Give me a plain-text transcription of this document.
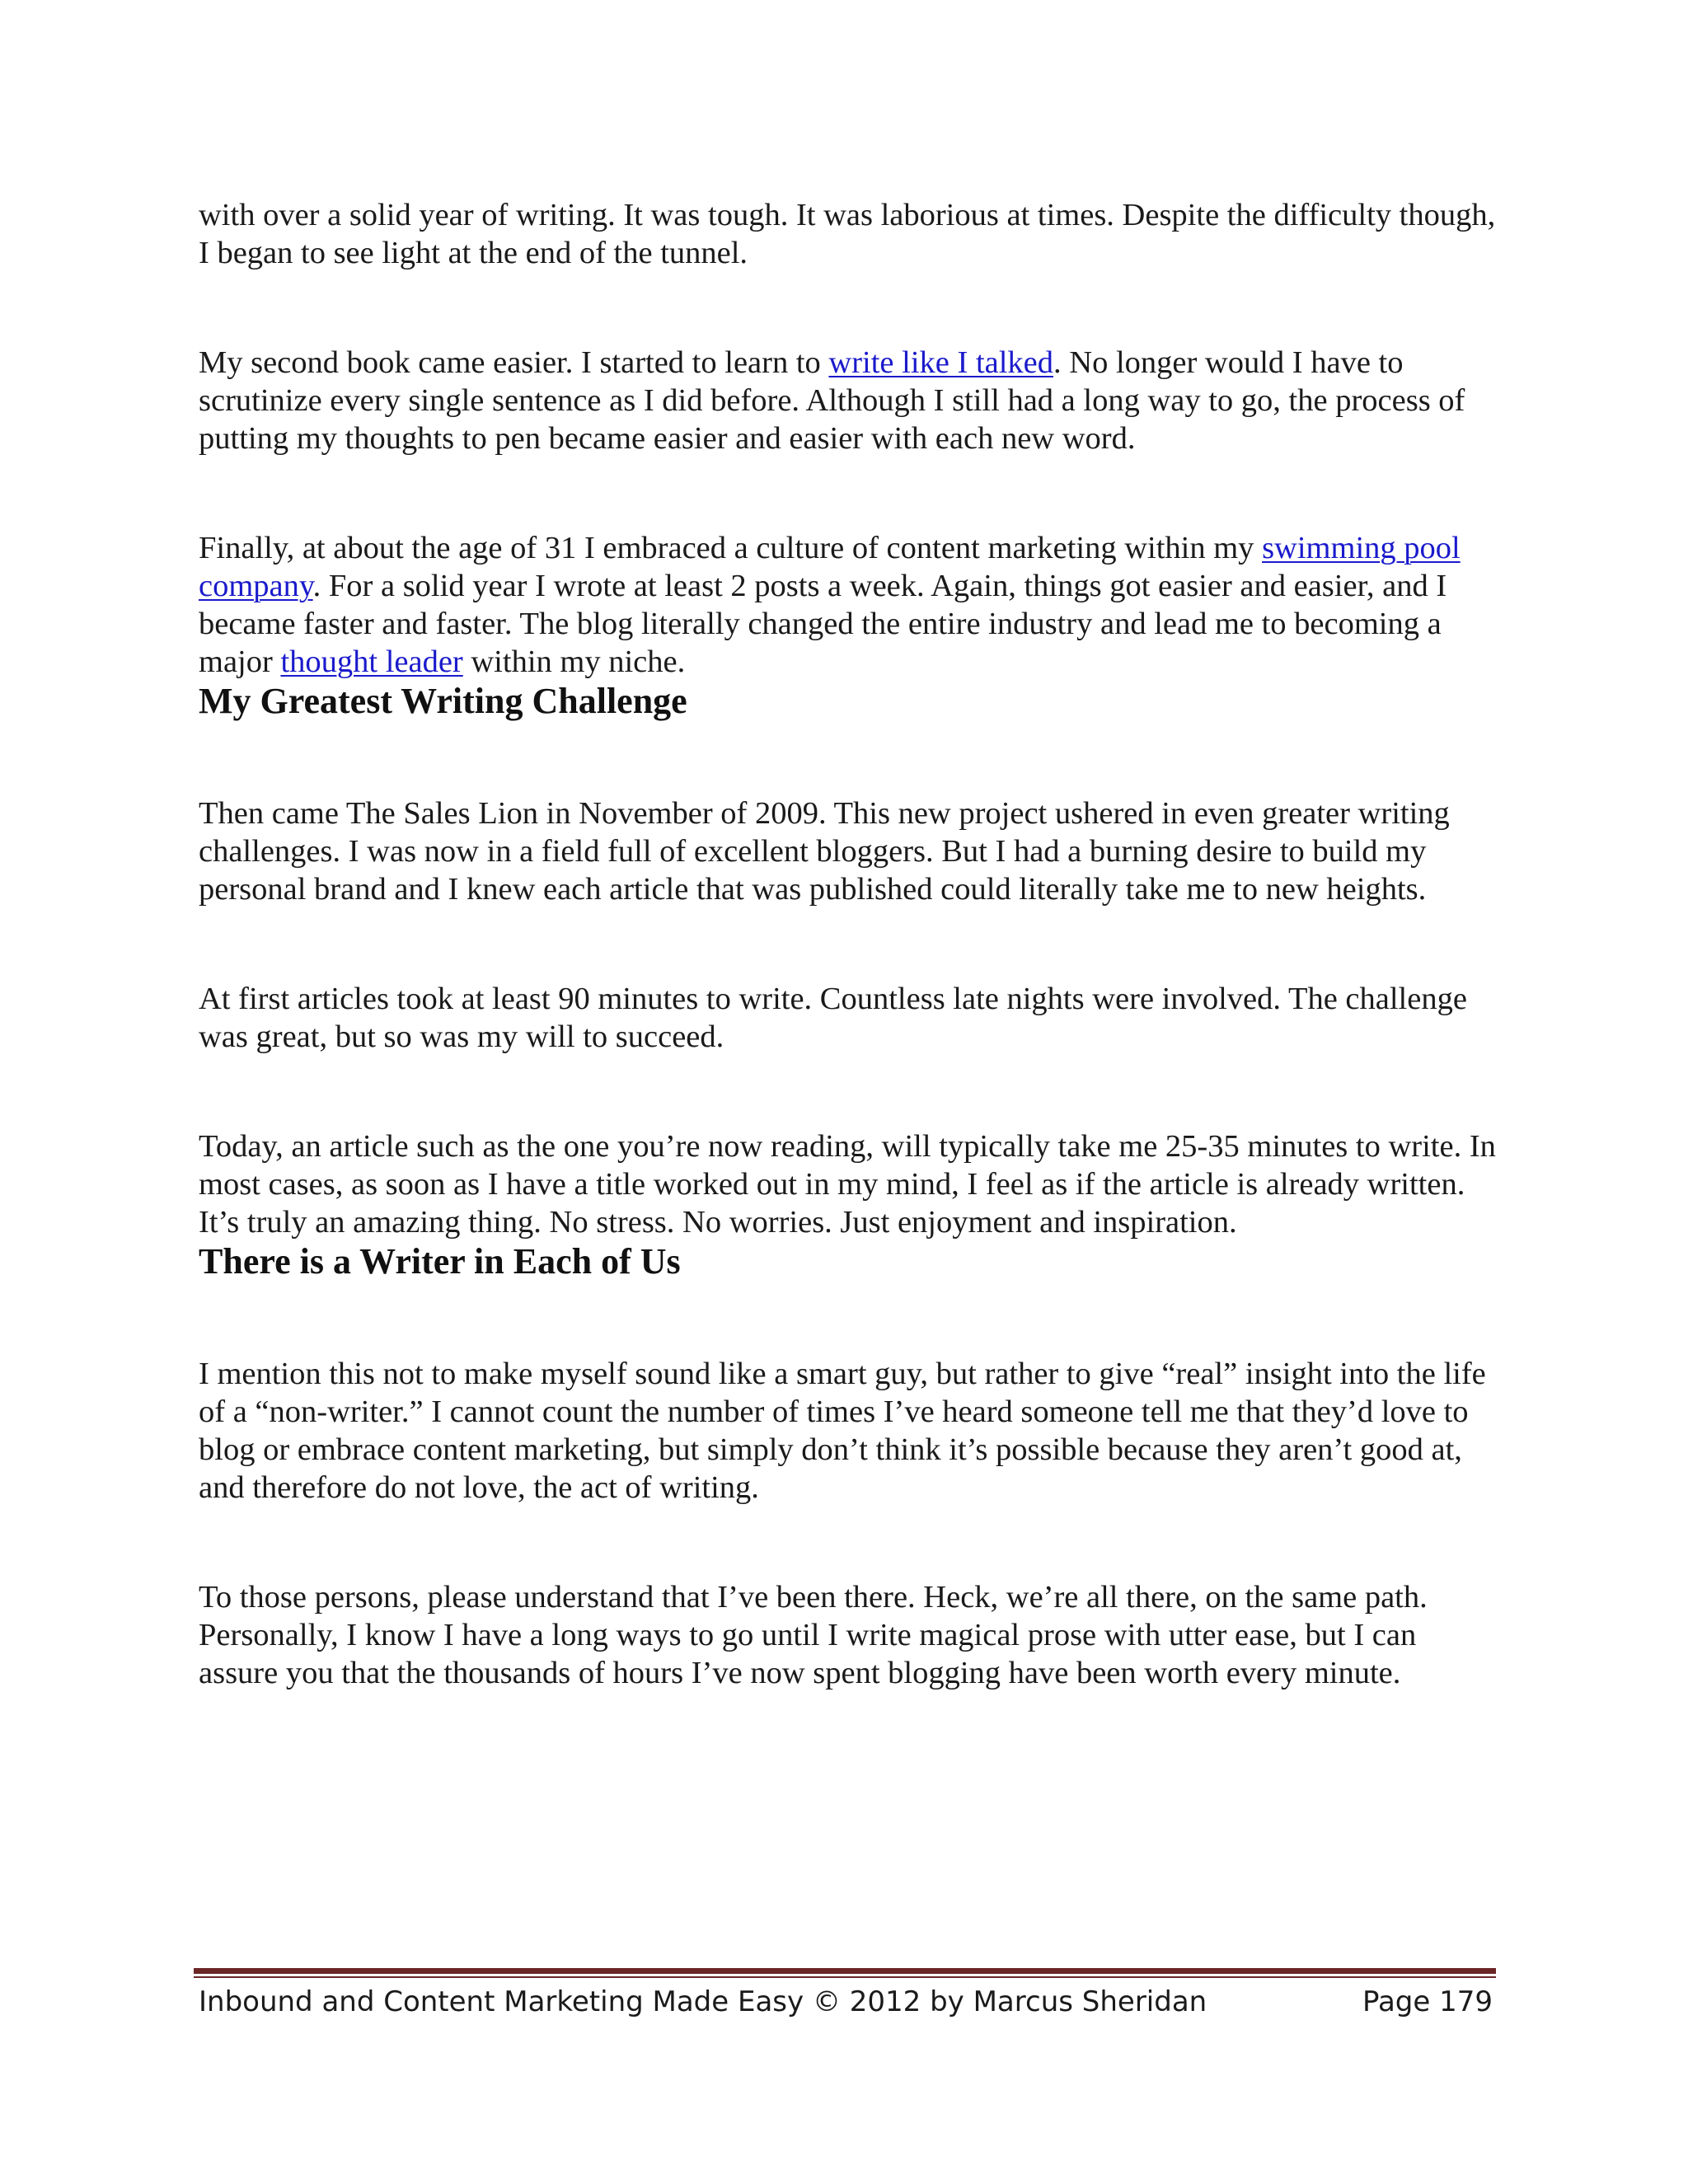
with over a solid year of writing. It was tough. It was laborious at times. Despite the difficulty though, I began to see light at the end of the tunnel.

My second book came easier. I started to learn to write like I talked. No longer would I have to scrutinize every single sentence as I did before. Although I still had a long way to go, the process of putting my thoughts to pen became easier and easier with each new word.

Finally, at about the age of 31 I embraced a culture of content marketing within my swimming pool company. For a solid year I wrote at least 2 posts a week. Again, things got easier and easier, and I became faster and faster. The blog literally changed the entire industry and lead me to becoming a major thought leader within my niche.

My Greatest Writing Challenge

Then came The Sales Lion in November of 2009. This new project ushered in even greater writing challenges. I was now in a field full of excellent bloggers. But I had a burning desire to build my personal brand and I knew each article that was published could literally take me to new heights.

At first articles took at least 90 minutes to write. Countless late nights were involved. The challenge was great, but so was my will to succeed.

Today, an article such as the one you’re now reading, will typically take me 25-35 minutes to write. In most cases, as soon as I have a title worked out in my mind, I feel as if the article is already written. It’s truly an amazing thing. No stress. No worries. Just enjoyment and inspiration.

There is a Writer in Each of Us

I mention this not to make myself sound like a smart guy, but rather to give “real” insight into the life of a “non-writer.” I cannot count the number of times I’ve heard someone tell me that they’d love to blog or embrace content marketing, but simply don’t think it’s possible because they aren’t good at, and therefore do not love, the act of writing.

To those persons, please understand that I’ve been there. Heck, we’re all there, on the same path. Personally, I know I have a long ways to go until I write magical prose with utter ease, but I can assure you that the thousands of hours I’ve now spent blogging have been worth every minute.

Inbound and Content Marketing Made Easy © 2012 by Marcus Sheridan	Page 179
